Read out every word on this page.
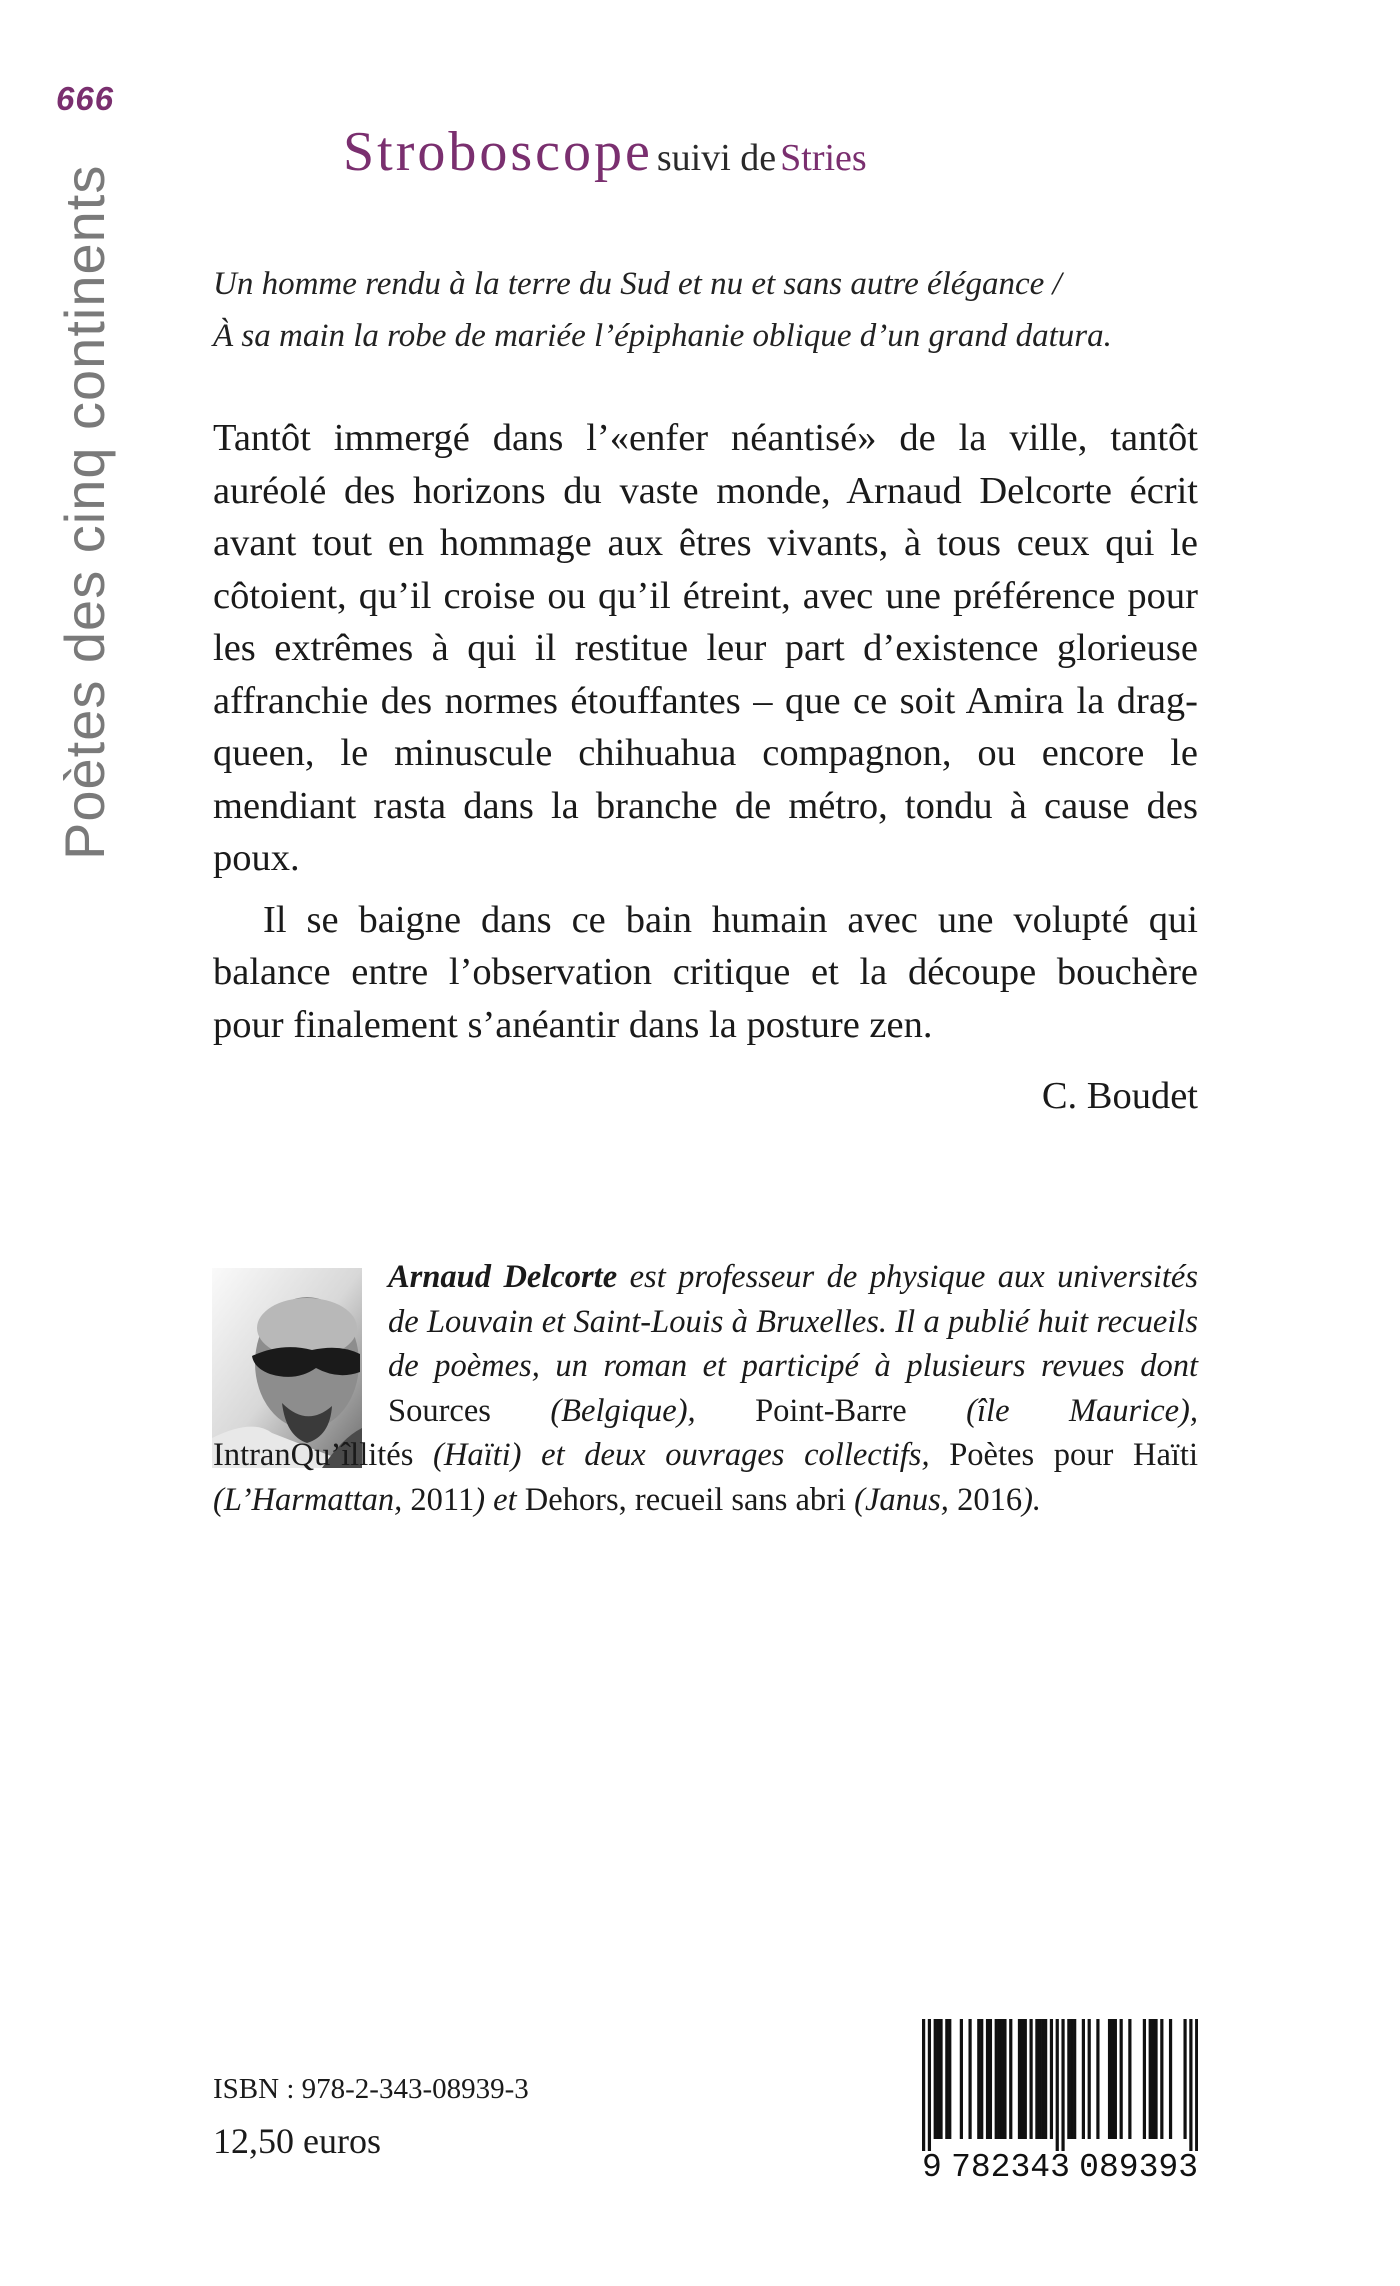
666
Poètes des cinq continents
Stroboscope suivi de Stries
Un homme rendu à la terre du Sud et nu et sans autre élégance /
À sa main la robe de mariée l’épiphanie oblique d’un grand datura.

Tantôt immergé dans l’«enfer néantisé» de la ville, tantôt auréolé des horizons du vaste monde, Arnaud Delcorte écrit avant tout en hommage aux êtres vivants, à tous ceux qui le côtoient, qu’il croise ou qu’il étreint, avec une préférence pour les extrêmes à qui il restitue leur part d’existence glorieuse affranchie des normes étouffantes – que ce soit Amira la drag-queen, le minuscule chihuahua compagnon, ou encore le mendiant rasta dans la branche de métro, tondu à cause des poux.

Il se baigne dans ce bain humain avec une volupté qui balance entre l’observation critique et la découpe bouchère pour finalement s’anéantir dans la posture zen.

C. Boudet
Arnaud Delcorte est professeur de physique aux universités de Louvain et Saint-Louis à Bruxelles. Il a publié huit recueils de poèmes, un roman et participé à plusieurs revues dont Sources (Belgique), Point-Barre (île Maurice), IntranQu’îllités (Haïti) et deux ouvrages collectifs, Poètes pour Haïti (L’Harmattan, 2011) et Dehors, recueil sans abri (Janus, 2016).
ISBN : 978-2-343-08939-3
12,50 euros
9 782343 089393
